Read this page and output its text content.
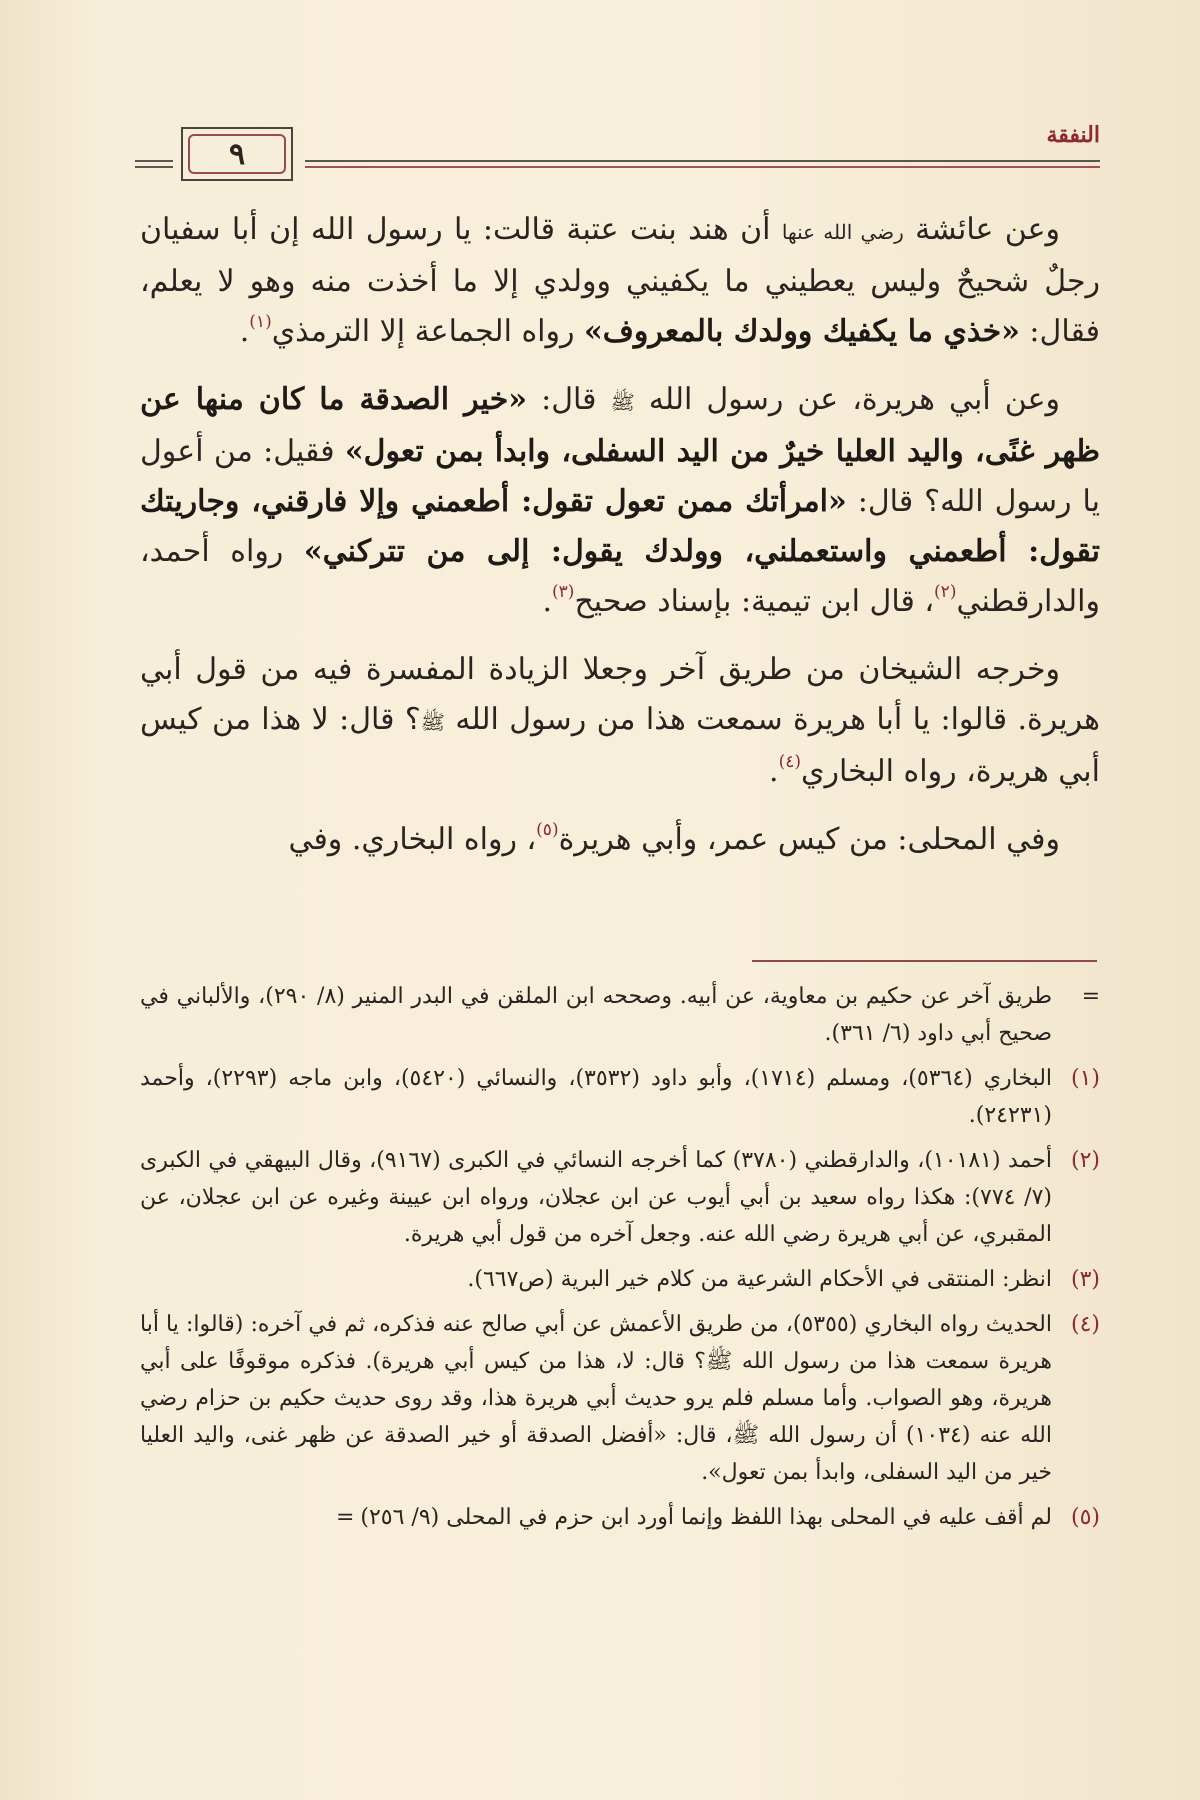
النفقة
٩

وعن عائشة رضي الله عنها أن هند بنت عتبة قالت: يا رسول الله إن أبا سفيان رجلٌ شحيحٌ وليس يعطيني ما يكفيني وولدي إلا ما أخذت منه وهو لا يعلم، فقال: «خذي ما يكفيك وولدك بالمعروف» رواه الجماعة إلا الترمذي$^{(١)}$.

وعن أبي هريرة، عن رسول الله ﷺ قال: «خير الصدقة ما كان منها عن ظهر غنًى، واليد العليا خيرٌ من اليد السفلى، وابدأ بمن تعول» فقيل: من أعول يا رسول الله؟ قال: «امرأتك ممن تعول تقول: أطعمني وإلا فارقني، وجاريتك تقول: أطعمني واستعملني، وولدك يقول: إلى من تتركني» رواه أحمد، والدارقطني$^{(٢)}$، قال ابن تيمية: بإسناد صحيح$^{(٣)}$.

وخرجه الشيخان من طريق آخر وجعلا الزيادة المفسرة فيه من قول أبي هريرة. قالوا: يا أبا هريرة سمعت هذا من رسول الله ﷺ؟ قال: لا هذا من كيس أبي هريرة، رواه البخاري$^{(٤)}$.

وفي المحلى: من كيس عمر، وأبي هريرة$^{(٥)}$، رواه البخاري. وفي

=
طريق آخر عن حكيم بن معاوية، عن أبيه. وصححه ابن الملقن في البدر المنير (٨/ ٢٩٠)، والألباني في صحيح أبي داود (٦/ ٣٦١).
(١)
البخاري (٥٣٦٤)، ومسلم (١٧١٤)، وأبو داود (٣٥٣٢)، والنسائي (٥٤٢٠)، وابن ماجه (٢٢٩٣)، وأحمد (٢٤٢٣١).
(٢)
أحمد (١٠١٨١)، والدارقطني (٣٧٨٠) كما أخرجه النسائي في الكبرى (٩١٦٧)، وقال البيهقي في الكبرى (٧/ ٧٧٤): هكذا رواه سعيد بن أبي أيوب عن ابن عجلان، ورواه ابن عيينة وغيره عن ابن عجلان، عن المقبري، عن أبي هريرة رضي الله عنه. وجعل آخره من قول أبي هريرة.
(٣)
انظر: المنتقى في الأحكام الشرعية من كلام خير البرية (ص٦٦٧).
(٤)
الحديث رواه البخاري (٥٣٥٥)، من طريق الأعمش عن أبي صالح عنه فذكره، ثم في آخره: (قالوا: يا أبا هريرة سمعت هذا من رسول الله ﷺ؟ قال: لا، هذا من كيس أبي هريرة). فذكره موقوفًا على أبي هريرة، وهو الصواب. وأما مسلم فلم يرو حديث أبي هريرة هذا، وقد روى حديث حكيم بن حزام رضي الله عنه (١٠٣٤) أن رسول الله ﷺ، قال: «أفضل الصدقة أو خير الصدقة عن ظهر غنى، واليد العليا خير من اليد السفلى، وابدأ بمن تعول».
(٥)
لم أقف عليه في المحلى بهذا اللفظ وإنما أورد ابن حزم في المحلى (٩/ ٢٥٦)=
